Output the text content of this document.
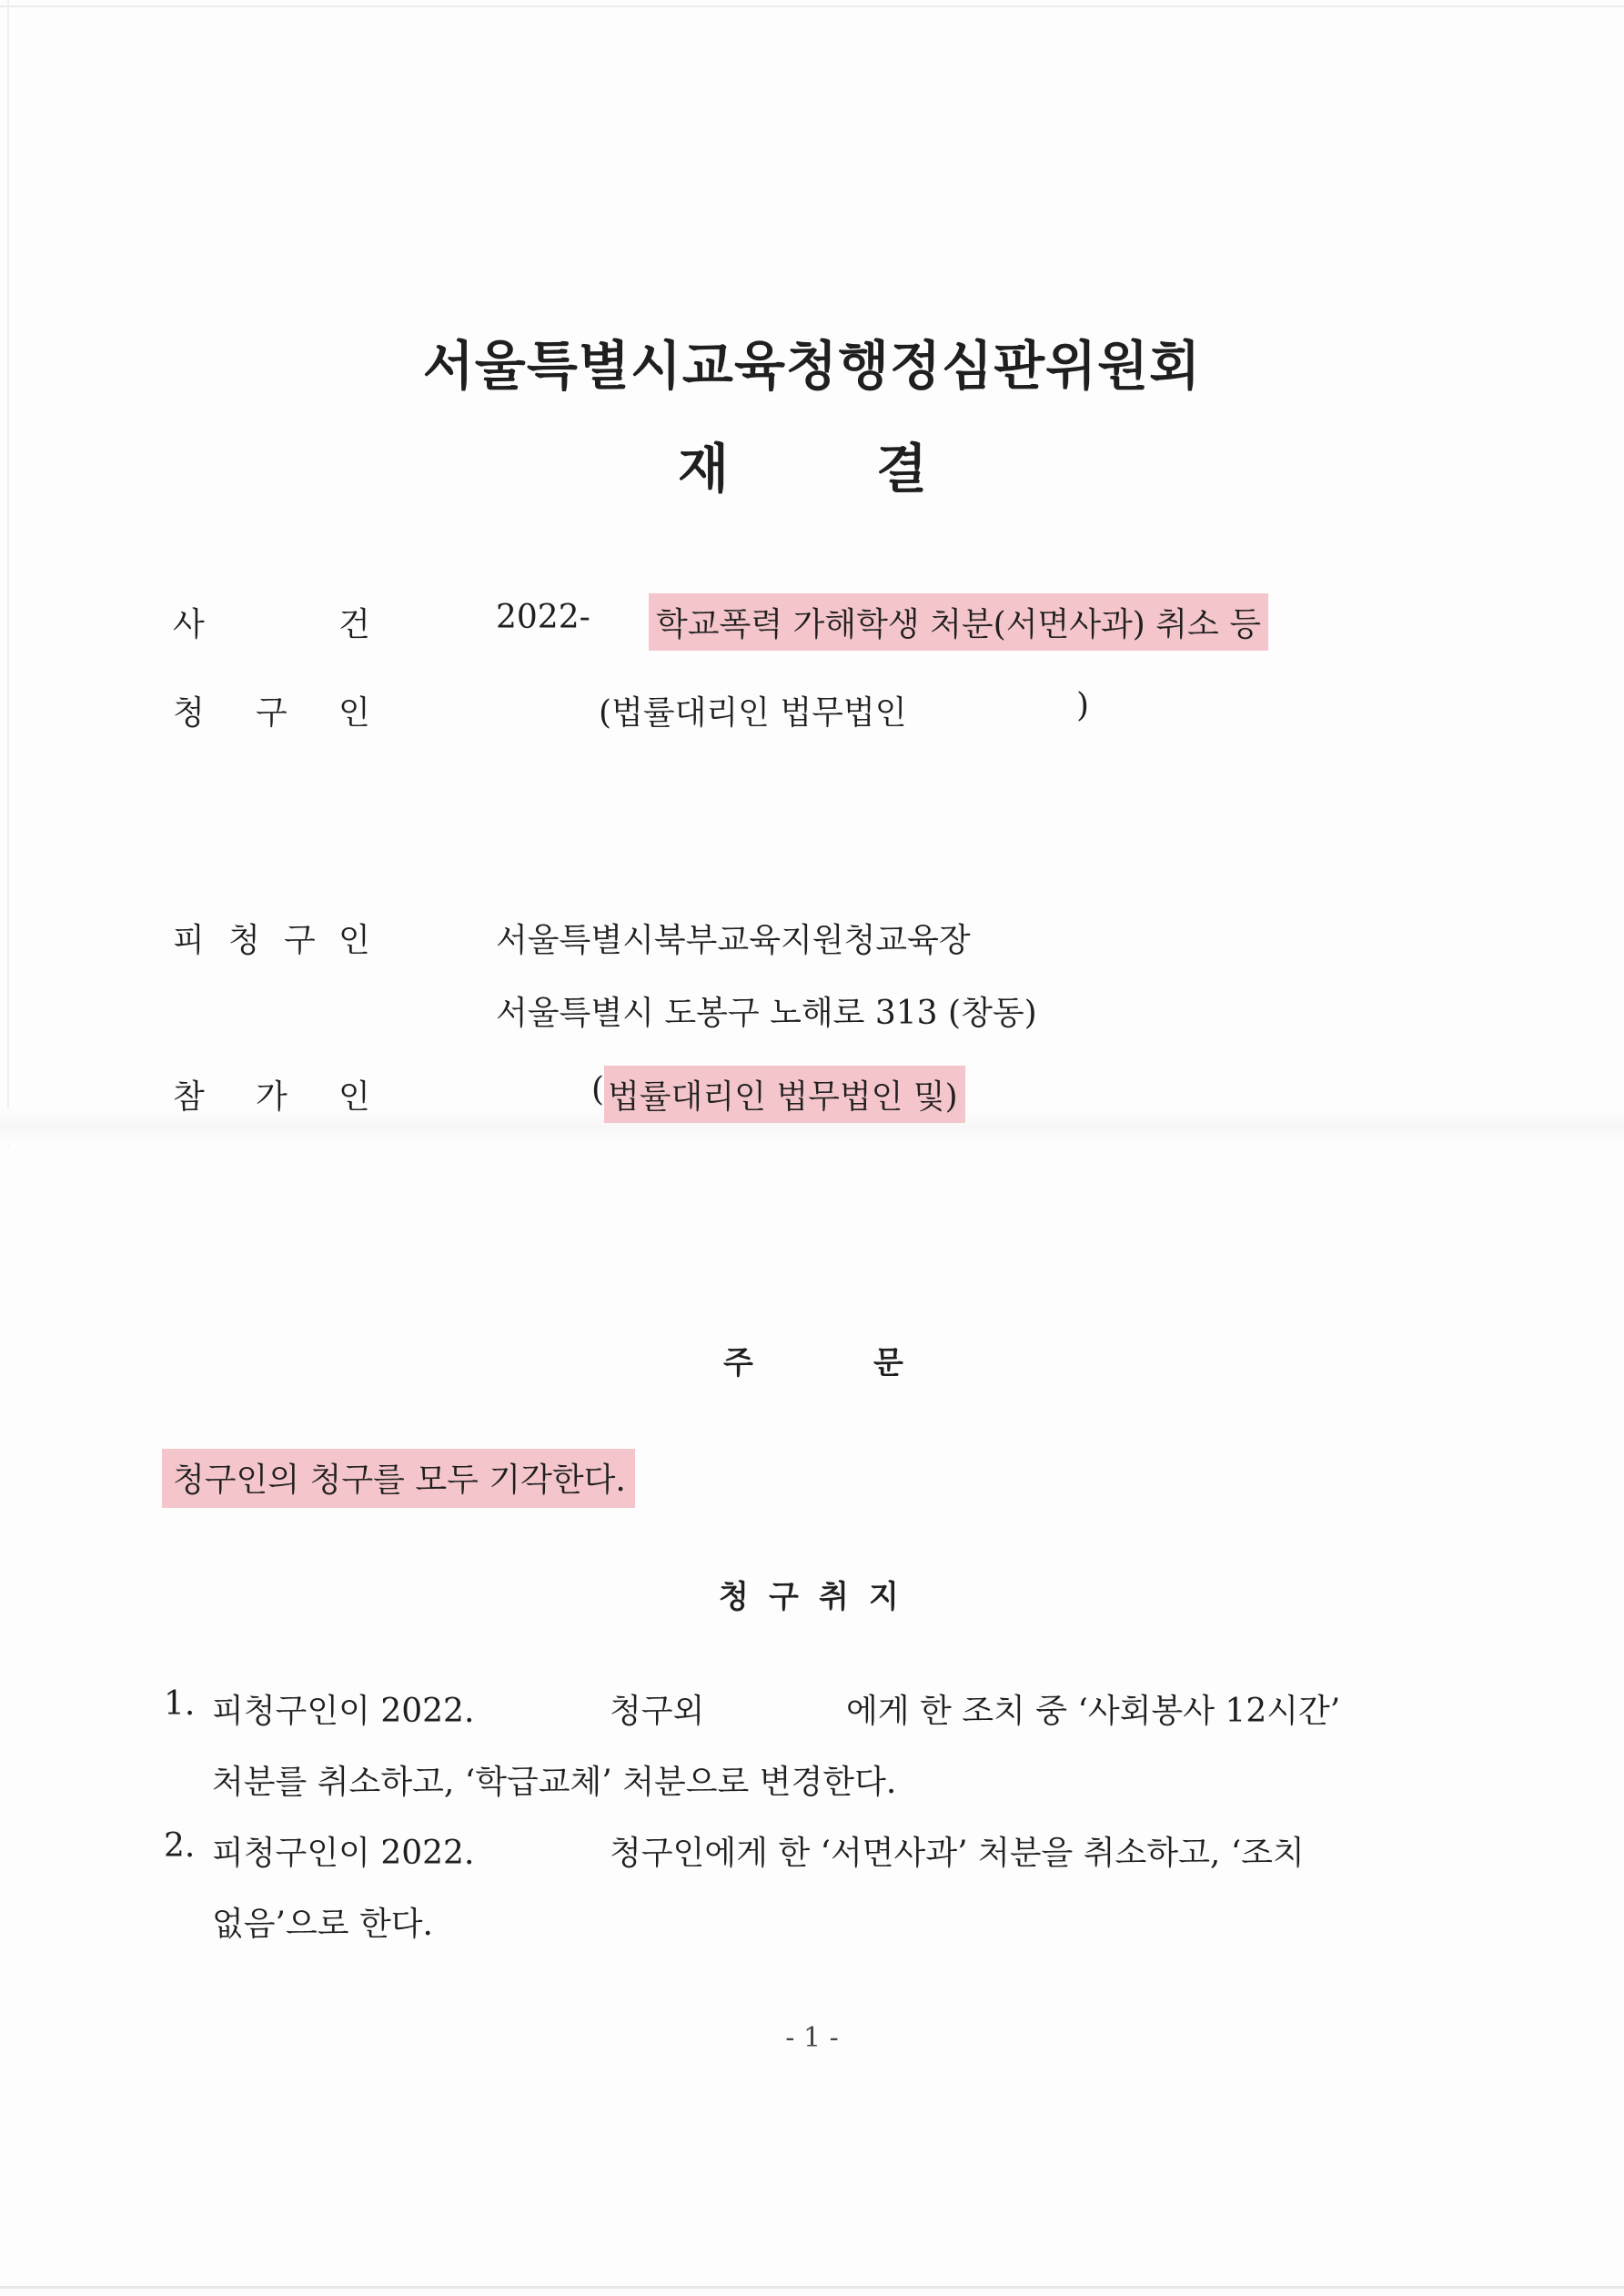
서울특별시교육청행정심판위원회
재	결
사	건	2022- 학교폭력 가해학생 처분(서면사과) 취소 등
청 구 인	(법률대리인 법무법인	)
피 청 구 인	서울특별시북부교육지원청교육장
서울특별시 도봉구 노해로 313 (창동)
참 가 인	( 법률대리인 법무법인 및)
주	문
청구인의 청구를 모두 기각한다.
청 구 취 지
1. 피청구인이 2022.	청구외	에게 한 조치 중 ‘사회봉사 12시간’
처분를 취소하고, ‘학급교체’ 처분으로 변경한다.
2. 피청구인이 2022.	청구인에게 한 ‘서면사과’ 처분을 취소하고, ‘조치
없음’으로 한다.
- 1 -
